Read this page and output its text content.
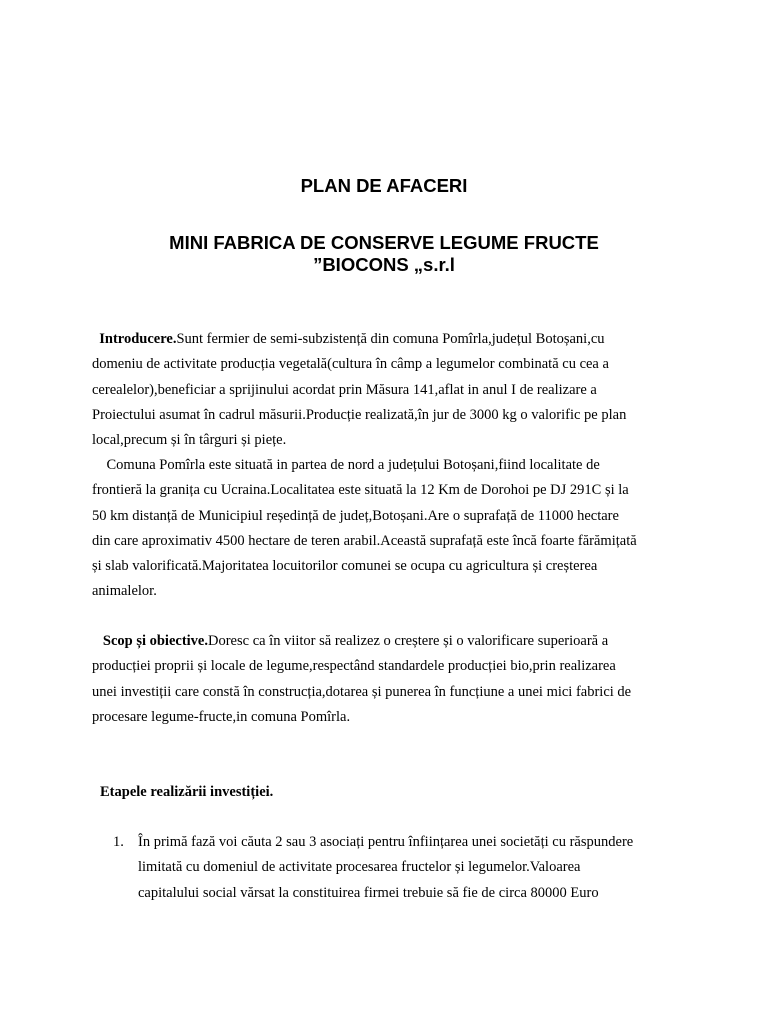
PLAN DE AFACERI
MINI FABRICA DE CONSERVE LEGUME FRUCTE
”BIOCONS „s.r.l
Introducere.Sunt fermier de semi-subzistență din comuna Pomîrla,județul Botoșani,cu
domeniu de activitate producția vegetală(cultura în câmp a legumelor combinată cu cea a
cerealelor),beneficiar a sprijinului acordat prin Măsura 141,aflat in anul I de realizare a
Proiectului asumat în cadrul măsurii.Producție realizată,în jur de 3000 kg o valorific pe plan
local,precum și în târguri și piețe.
Comuna Pomîrla este situată in partea de nord a județului Botoșani,fiind localitate de
frontieră la granița cu Ucraina.Localitatea este situată la 12 Km de Dorohoi pe DJ 291C și la
50 km distanță de Municipiul reședință de județ,Botoșani.Are o suprafață de 11000 hectare
din care aproximativ 4500 hectare de teren arabil.Această suprafață este încă foarte fărămițată
și slab valorificată.Majoritatea locuitorilor comunei se ocupa cu agricultura și creșterea
animalelor.
Scop și obiective.Doresc ca în viitor să realizez o creștere și o valorificare superioară a
producției proprii și locale de legume,respectând standardele producției bio,prin realizarea
unei investiții care constă în construcția,dotarea și punerea în funcțiune a unei mici fabrici de
procesare legume-fructe,in comuna Pomîrla.
Etapele realizării investiției.
1. În primă fază voi căuta 2 sau 3 asociați pentru înființarea unei societăți cu răspundere
limitată cu domeniul de activitate procesarea fructelor și legumelor.Valoarea
capitalului social vărsat la constituirea firmei trebuie să fie de circa 80000 Euro
